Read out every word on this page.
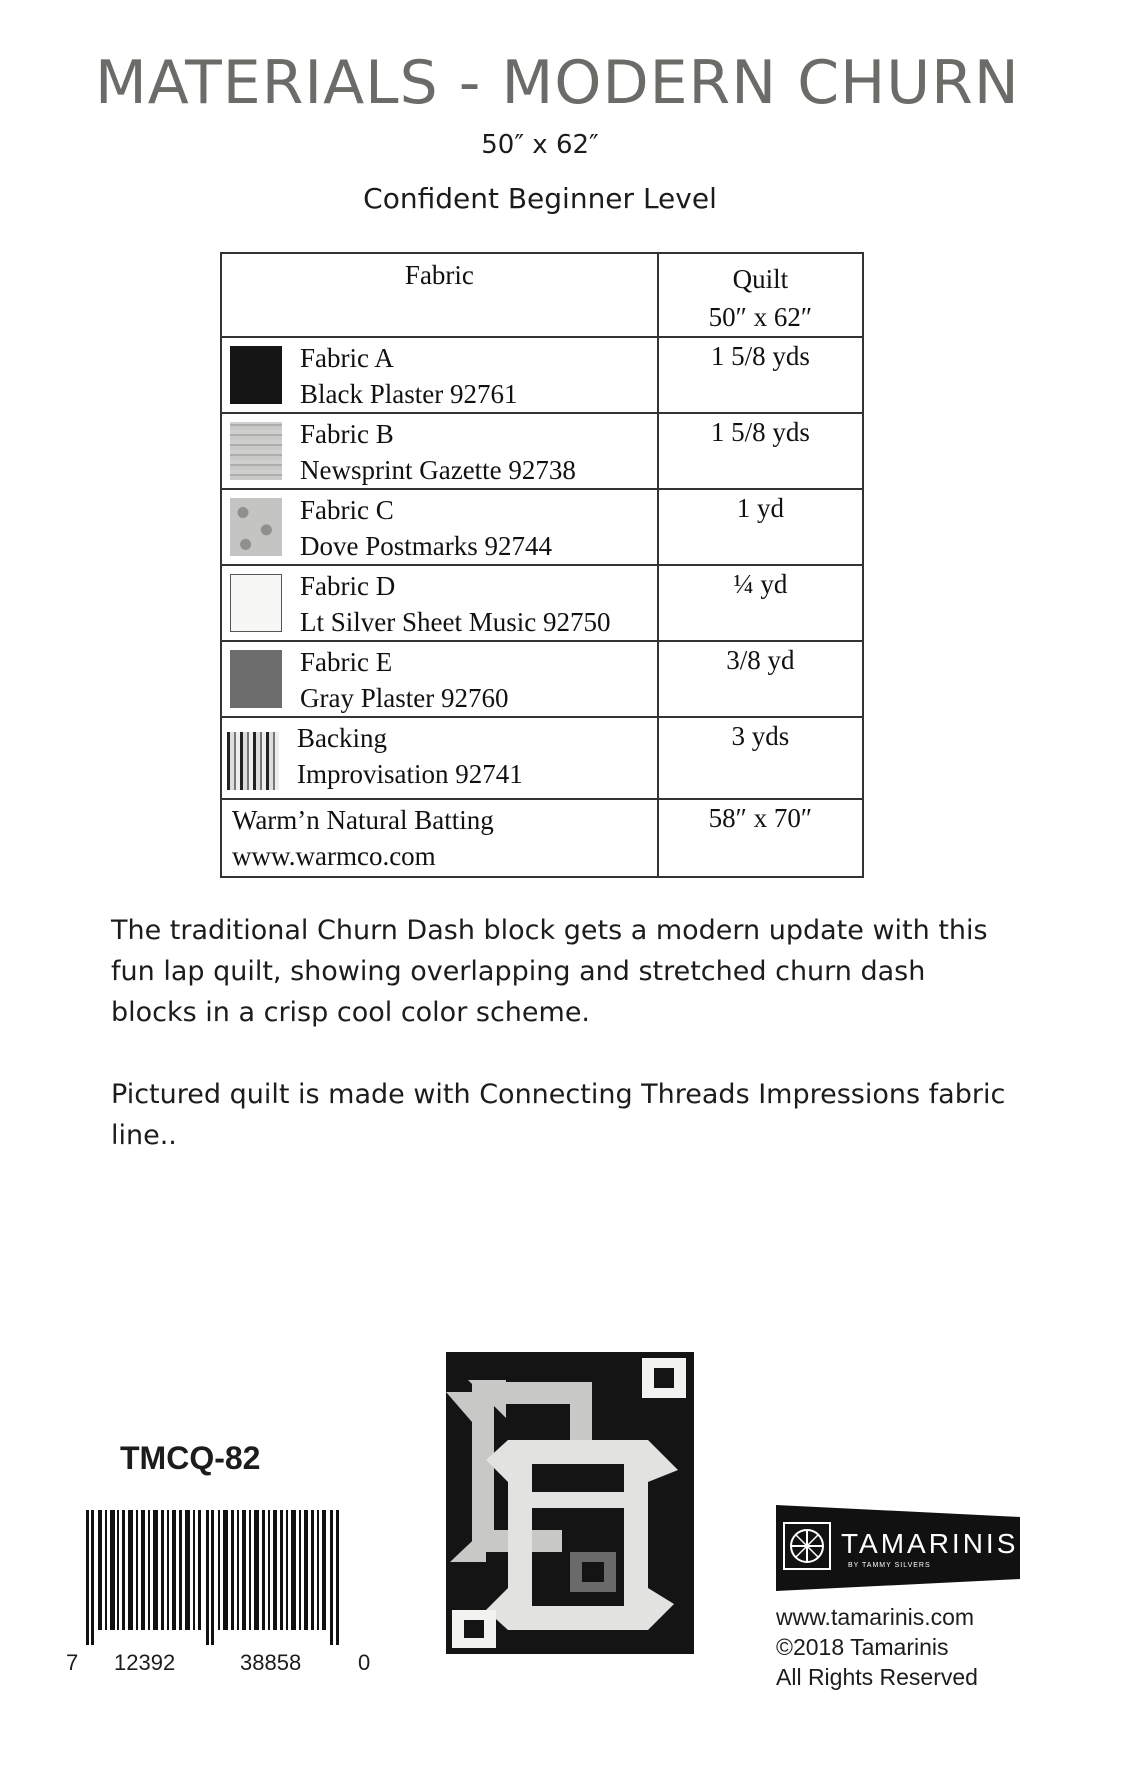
MATERIALS - MODERN CHURN
50″ x 62″
Confident Beginner Level
Fabric	Quilt
50″ x 62″

Fabric A
Black Plaster 92761	1 5/8 yds

Fabric B
Newsprint Gazette 92738	1 5/8 yds

Fabric C
Dove Postmarks 92744	1 yd

Fabric D
Lt Silver Sheet Music 92750	¼ yd

Fabric E
Gray Plaster 92760	3/8 yd

Backing
Improvisation 92741	3 yds

Warm’n Natural Batting
www.warmco.com	58″ x 70″
The traditional Churn Dash block gets a modern update with this fun lap quilt, showing overlapping and stretched churn dash blocks in a crisp cool color scheme.
Pictured quilt is made with Connecting Threads Impressions fabric line..
TMCQ-82
7 12392	38858	0
TAMARINIS
BY TAMMY SILVERS
www.tamarinis.com
©2018 Tamarinis
All Rights Reserved
